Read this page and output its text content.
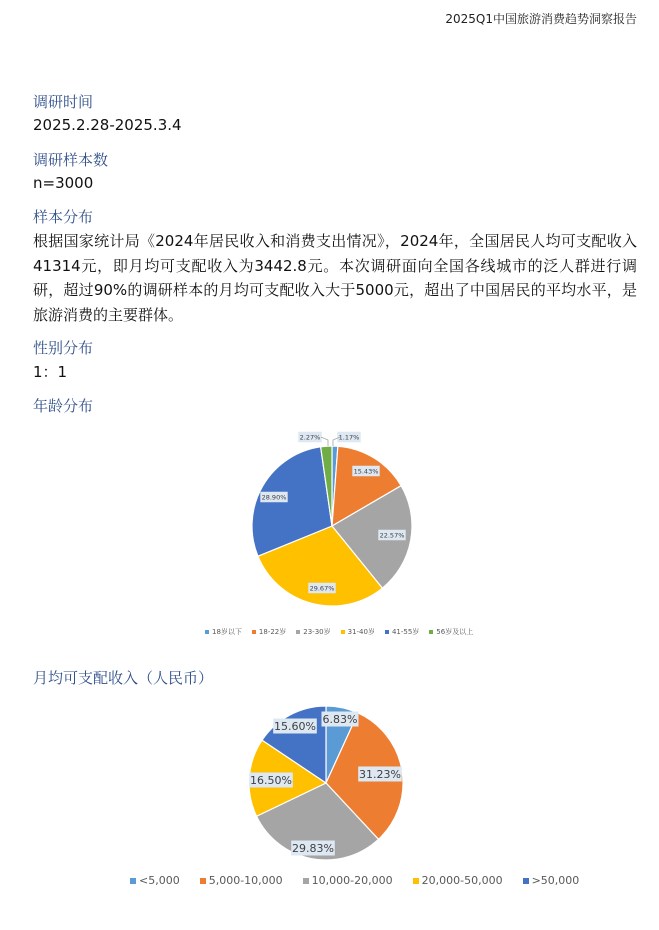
2025Q1中国旅游消费趋势洞察报告
调研时间
2025.2.28-2025.3.4
调研样本数
n=3000
样本分布
根据国家统计局《2024年居民收入和消费支出情况》，2024年，全国居民人均可支配收入41314元，即月均可支配收入为3442.8元。本次调研面向全国各线城市的泛人群进行调研，超过90%的调研样本的月均可支配收入大于5000元，超出了中国居民的平均水平，是旅游消费的主要群体。
性别分布
1：1
年龄分布
1.17%
15.43%
22.57%
29.67%
28.90%
2.27%
6.83%
31.23%
29.83%
16.50%
15.60%
18岁以下 18-22岁 23-30岁 31-40岁 41-55岁 56岁及以上
月均可支配收入（人民币）
<5,000	5,000-10,000	10,000-20,000	20,000-50,000	>50,000
